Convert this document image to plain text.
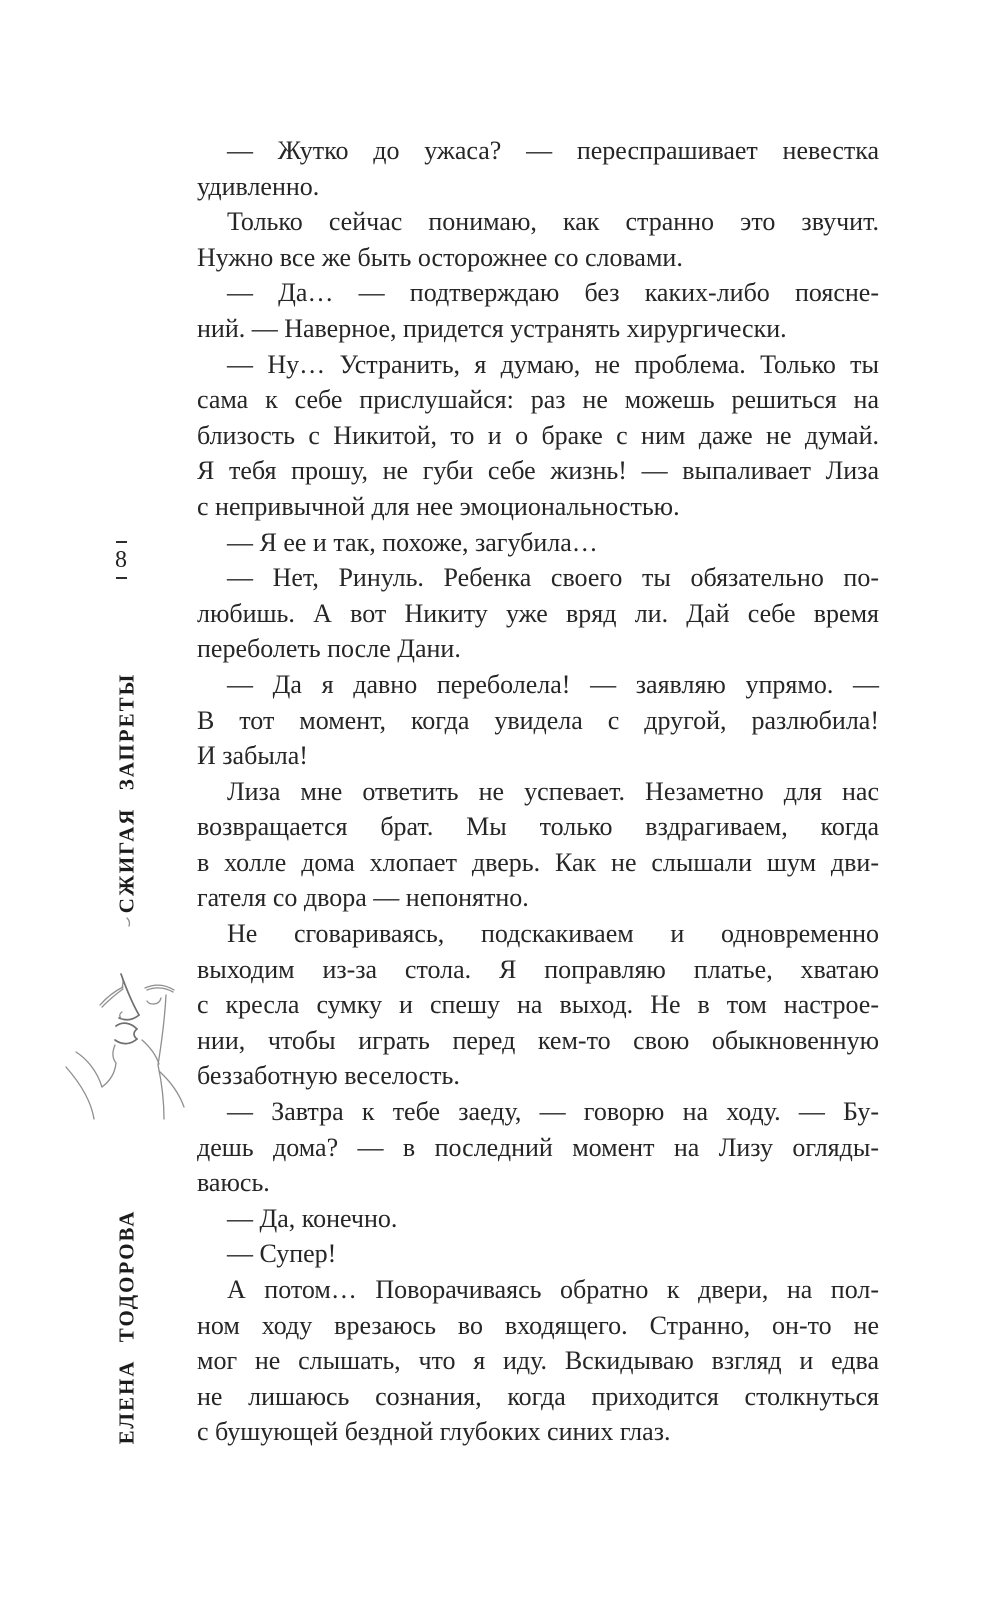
8
СЖИГАЯ ЗАПРЕТЫ
ЕЛЕНА ТОДОРОВА
— Жутко до ужаса? — переспрашивает невестка
удивленно.
Только сейчас понимаю, как странно это звучит.
Нужно все же быть осторожнее со словами.
— Да… — подтверждаю без каких-либо поясне-
ний. — Наверное, придется устранять хирургически.
— Ну… Устранить, я думаю, не проблема. Только ты
сама к себе прислушайся: раз не можешь решиться на
близость с Никитой, то и о браке с ним даже не думай.
Я тебя прошу, не губи себе жизнь! — выпаливает Лиза
с непривычной для нее эмоциональностью.
— Я ее и так, похоже, загубила…
— Нет, Ринуль. Ребенка своего ты обязательно по-
любишь. А вот Никиту уже вряд ли. Дай себе время
переболеть после Дани.
— Да я давно переболела! — заявляю упрямо. —
В тот момент, когда увидела с другой, разлюбила!
И забыла!
Лиза мне ответить не успевает. Незаметно для нас
возвращается брат. Мы только вздрагиваем, когда
в холле дома хлопает дверь. Как не слышали шум дви-
гателя со двора — непонятно.
Не сговариваясь, подскакиваем и одновременно
выходим из-за стола. Я поправляю платье, хватаю
с кресла сумку и спешу на выход. Не в том настрое-
нии, чтобы играть перед кем-то свою обыкновенную
беззаботную веселость.
— Завтра к тебе заеду, — говорю на ходу. — Бу-
дешь дома? — в последний момент на Лизу огляды-
ваюсь.
— Да, конечно.
— Супер!
А потом… Поворачиваясь обратно к двери, на пол-
ном ходу врезаюсь во входящего. Странно, он-то не
мог не слышать, что я иду. Вскидываю взгляд и едва
не лишаюсь сознания, когда приходится столкнуться
с бушующей бездной глубоких синих глаз.
